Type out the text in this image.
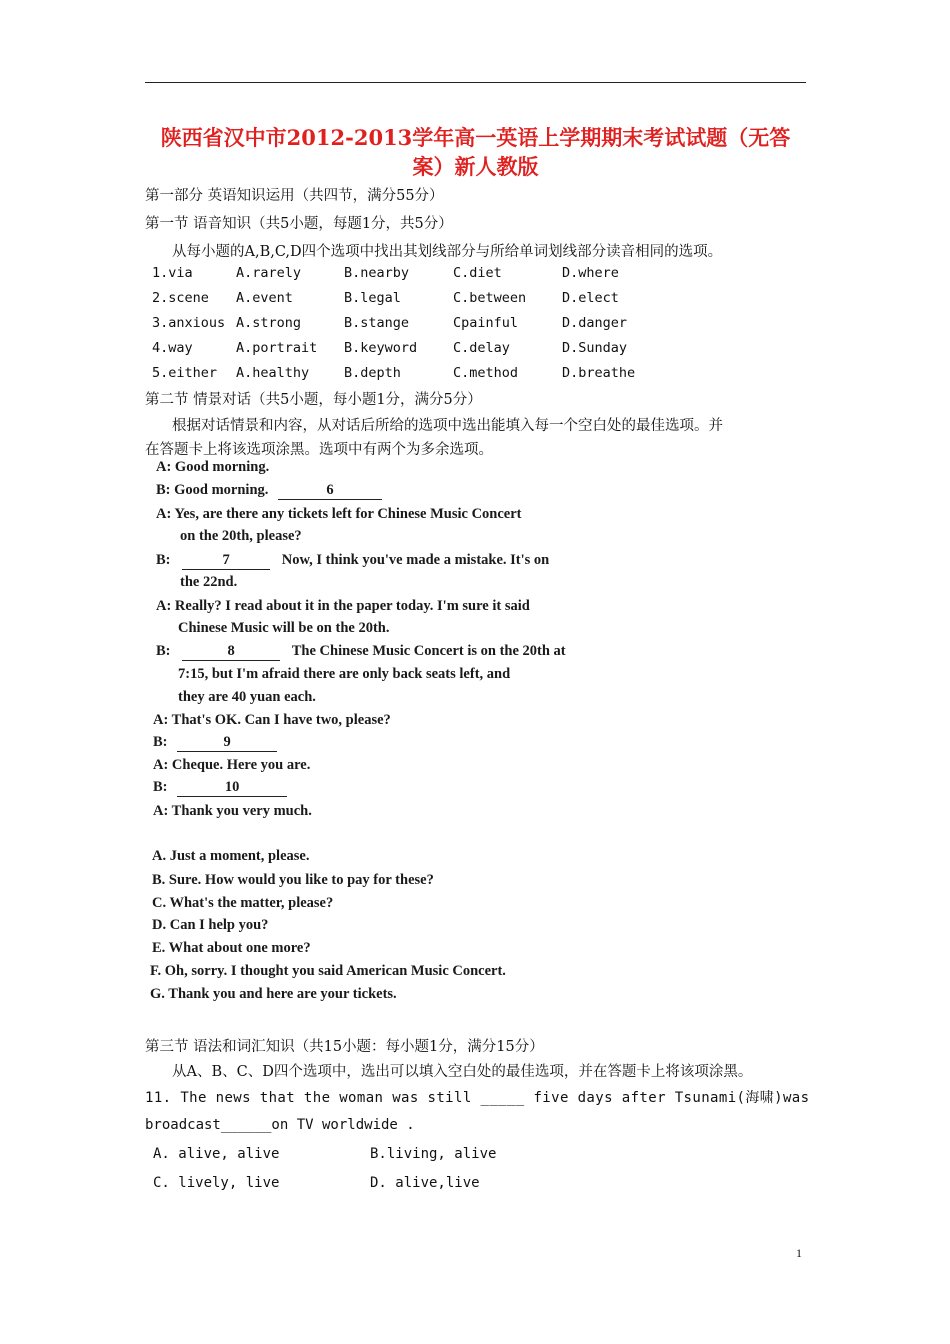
陕西省汉中市2012-2013学年高一英语上学期期末考试试题（无答
案）新人教版
第一部分 英语知识运用（共四节，满分55分）
第一节 语音知识（共5小题，每题1分，共5分）
从每小题的A,B,C,D四个选项中找出其划线部分与所给单词划线部分读音相同的选项。
1.via	A.rarely	B.nearby	C.diet	D.where
2.scene A.event	B.legal	C.between	D.elect
3.anxious A.strong	B.stange	Cpainful	D.danger
4.way	A.portrait B.keyword	C.delay	D.Sunday
5.either A.healthy	B.depth	C.method	D.breathe
第二节 情景对话（共5小题，每小题1分，满分5分）
根据对话情景和内容，从对话后所给的选项中选出能填入每一个空白处的最佳选项。并
在答题卡上将该选项涂黑。选项中有两个为多余选项。
A: Good morning.
B: Good morning.	6
A: Yes, are there any tickets left for Chinese Music Concert
on the 20th, please?
B:	7	Now, I think you've made a mistake. It's on
the 22nd.
A: Really? I read about it in the paper today. I'm sure it said
Chinese Music will be on the 20th.
B:	8	The Chinese Music Concert is on the 20th at
7:15, but I'm afraid there are only back seats left, and
they are 40 yuan each.
A: That's OK. Can I have two, please?
B:	9
A: Cheque. Here you are.
B:	10
A: Thank you very much.
A. Just a moment, please.
B. Sure. How would you like to pay for these?
C. What's the matter, please?
D. Can I help you?
E. What about one more?
F. Oh, sorry. I thought you said American Music Concert.
G. Thank you and here are your tickets.
第三节 语法和词汇知识（共15小题：每小题1分，满分15分）
从A、B、C、D四个选项中，选出可以填入空白处的最佳选项，并在答题卡上将该项涂黑。
11. The news that the woman was still _____ five days after Tsunami(海啸)was
broadcast______on TV worldwide .
A. alive, alive	B.living, alive
C. lively, live	D. alive,live
1
